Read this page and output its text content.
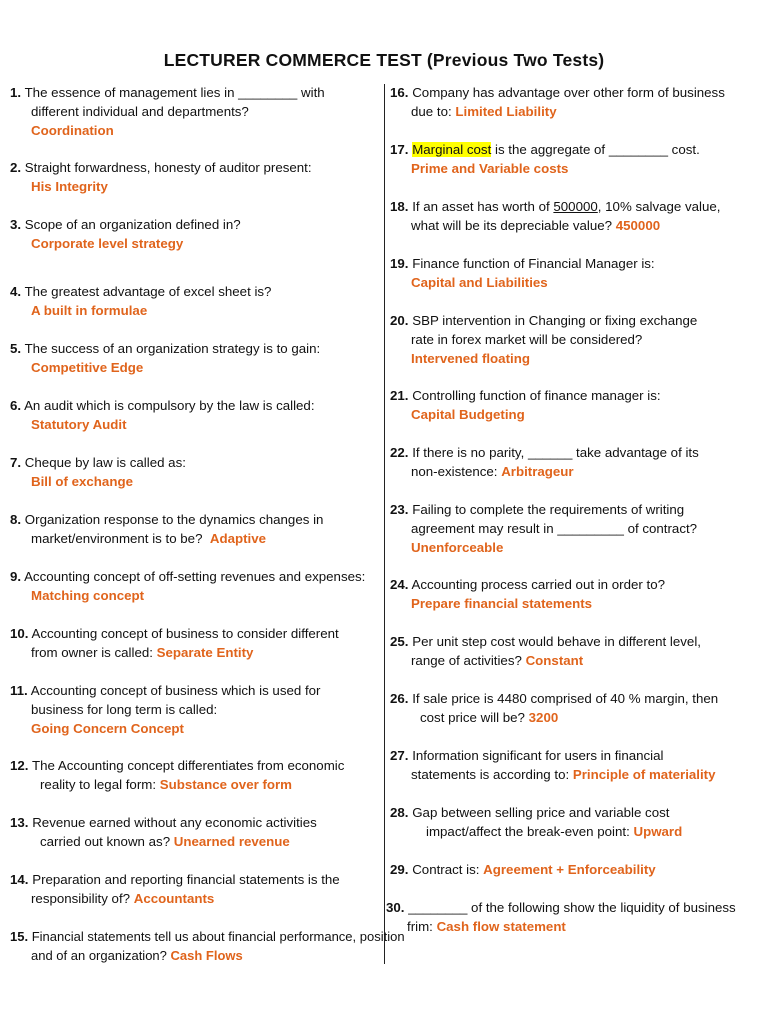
LECTURER COMMERCE TEST (Previous Two Tests)
1. The essence of management lies in ________ with
different individual and departments?
Coordination
2. Straight forwardness, honesty of auditor present:
His Integrity
3. Scope of an organization defined in?
Corporate level strategy
4. The greatest advantage of excel sheet is?
A built in formulae
5. The success of an organization strategy is to gain:
Competitive Edge
6. An audit which is compulsory by the law is called:
Statutory Audit
7. Cheque by law is called as:
Bill of exchange
8. Organization response to the dynamics changes in
market/environment is to be? Adaptive
9. Accounting concept of off-setting revenues and expenses:
Matching concept
10. Accounting concept of business to consider different
from owner is called: Separate Entity
11. Accounting concept of business which is used for
business for long term is called:
Going Concern Concept
12. The Accounting concept differentiates from economic
reality to legal form: Substance over form
13. Revenue earned without any economic activities
carried out known as? Unearned revenue
14. Preparation and reporting financial statements is the
responsibility of? Accountants
15. Financial statements tell us about financial performance, position
and of an organization? Cash Flows
16. Company has advantage over other form of business
due to: Limited Liability
17. Marginal cost is the aggregate of ________ cost.
Prime and Variable costs
18. If an asset has worth of 500000, 10% salvage value,
what will be its depreciable value? 450000
19. Finance function of Financial Manager is:
Capital and Liabilities
20. SBP intervention in Changing or fixing exchange
rate in forex market will be considered?
Intervened floating
21. Controlling function of finance manager is:
Capital Budgeting
22. If there is no parity, ______ take advantage of its
non-existence: Arbitrageur
23. Failing to complete the requirements of writing
agreement may result in _________ of contract?
Unenforceable
24. Accounting process carried out in order to?
Prepare financial statements
25. Per unit step cost would behave in different level,
range of activities? Constant
26. If sale price is 4480 comprised of 40 % margin, then
cost price will be? 3200
27. Information significant for users in financial
statements is according to: Principle of materiality
28. Gap between selling price and variable cost
impact/affect the break-even point: Upward
29. Contract is: Agreement + Enforceability
30. ________ of the following show the liquidity of business
frim: Cash flow statement
